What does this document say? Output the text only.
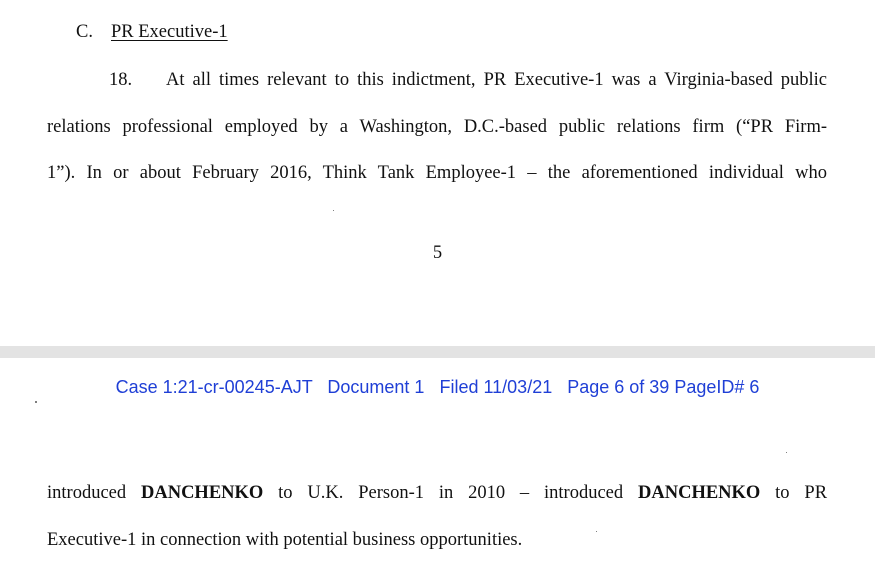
C. PR Executive-1
18. At all times relevant to this indictment, PR Executive-1 was a Virginia-based public
relations professional employed by a Washington, D.C.-based public relations firm (“PR Firm-
1”). In or about February 2016, Think Tank Employee-1 – the aforementioned individual who
5
Case 1:21-cr-00245-AJT Document 1 Filed 11/03/21 Page 6 of 39 PageID# 6
introduced DANCHENKO to U.K. Person-1 in 2010 – introduced DANCHENKO to PR
Executive-1 in connection with potential business opportunities.
